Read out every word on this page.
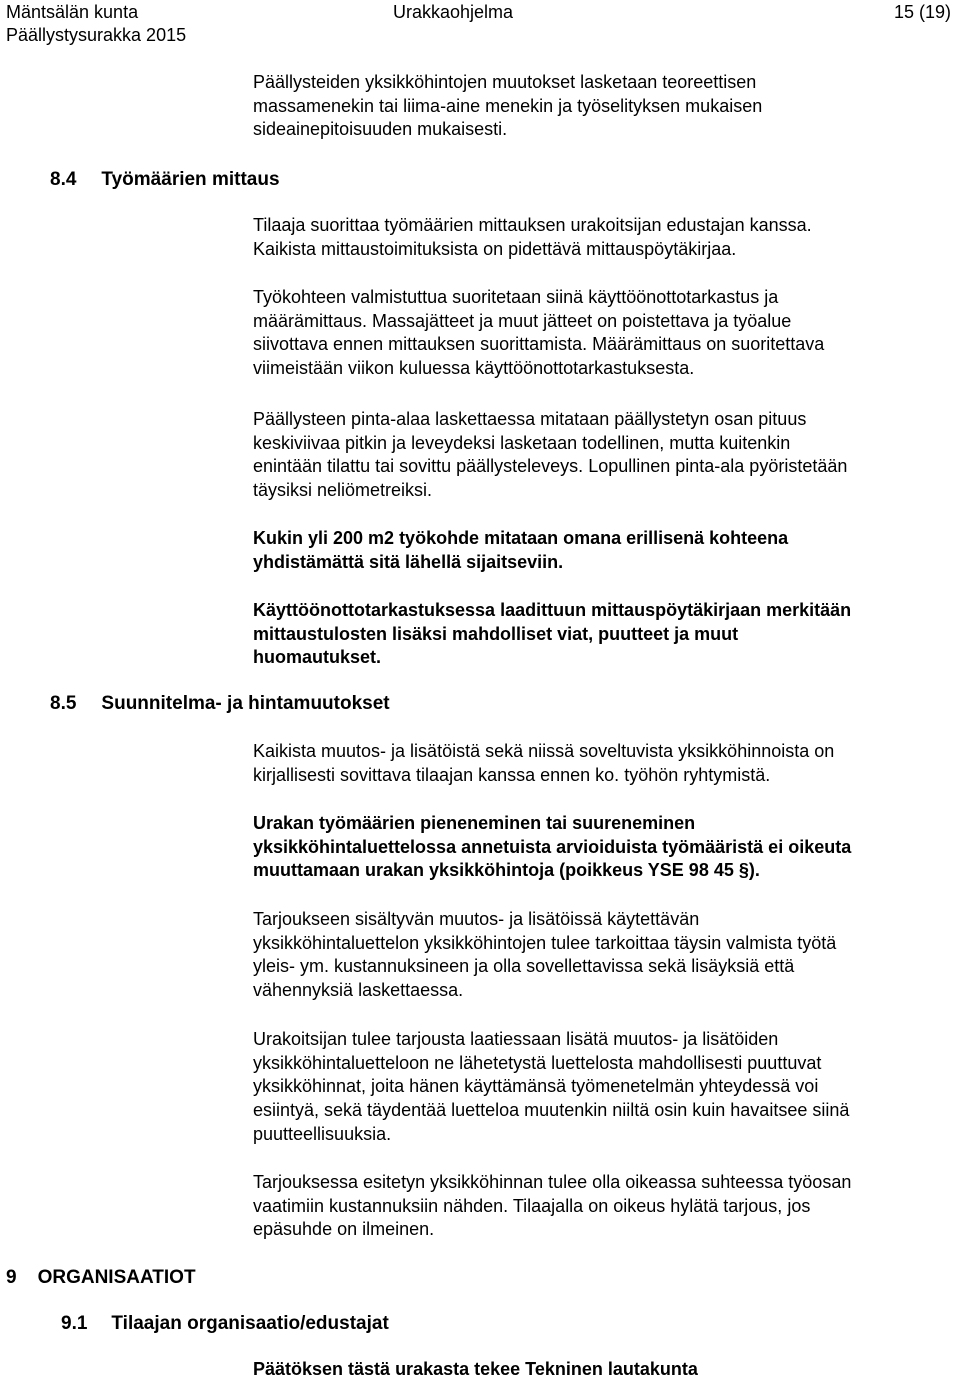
Mäntsälän kunta
Päällystysurakka 2015
Urakkaohjelma	15 (19)
8.4 Työmäärien mittaus
8.5 Suunnitelma- ja hintamuutokset
9 ORGANISAATIOT
9.1 Tilaajan organisaatio/edustajat
Päällysteiden yksikköhintojen muutokset lasketaan teoreettisen
massamenekin tai liima-aine menekin ja työselityksen mukaisen
sideainepitoisuuden mukaisesti.
Tilaaja suorittaa työmäärien mittauksen urakoitsijan edustajan kanssa.
Kaikista mittaustoimituksista on pidettävä mittauspöytäkirjaa.
Työkohteen valmistuttua suoritetaan siinä käyttöönottotarkastus ja
määrämittaus. Massajätteet ja muut jätteet on poistettava ja työalue
siivottava ennen mittauksen suorittamista. Määrämittaus on suoritettava
viimeistään viikon kuluessa käyttöönottotarkastuksesta.
Päällysteen pinta-alaa laskettaessa mitataan päällystetyn osan pituus
keskiviivaa pitkin ja leveydeksi lasketaan todellinen, mutta kuitenkin
enintään tilattu tai sovittu päällysteleveys. Lopullinen pinta-ala pyöristetään
täysiksi neliömetreiksi.
Kukin yli 200 m2 työkohde mitataan omana erillisenä kohteena
yhdistämättä sitä lähellä sijaitseviin.
Käyttöönottotarkastuksessa laadittuun mittauspöytäkirjaan merkitään
mittaustulosten lisäksi mahdolliset viat, puutteet ja muut
huomautukset.
Kaikista muutos- ja lisätöistä sekä niissä soveltuvista yksikköhinnoista on
kirjallisesti sovittava tilaajan kanssa ennen ko. työhön ryhtymistä.
Urakan työmäärien pieneneminen tai suureneminen
yksikköhintaluettelossa annetuista arvioiduista työmääristä ei oikeuta
muuttamaan urakan yksikköhintoja (poikkeus YSE 98 45 §).
Tarjoukseen sisältyvän muutos- ja lisätöissä käytettävän
yksikköhintaluettelon yksikköhintojen tulee tarkoittaa täysin valmista työtä
yleis- ym. kustannuksineen ja olla sovellettavissa sekä lisäyksiä että
vähennyksiä laskettaessa.
Urakoitsijan tulee tarjousta laatiessaan lisätä muutos- ja lisätöiden
yksikköhintaluetteloon ne lähetetystä luettelosta mahdollisesti puuttuvat
yksikköhinnat, joita hänen käyttämänsä työmenetelmän yhteydessä voi
esiintyä, sekä täydentää luetteloa muutenkin niiltä osin kuin havaitsee siinä
puutteellisuuksia.
Tarjouksessa esitetyn yksikköhinnan tulee olla oikeassa suhteessa työosan
vaatimiin kustannuksiin nähden. Tilaajalla on oikeus hylätä tarjous, jos
epäsuhde on ilmeinen.
Päätöksen tästä urakasta tekee Tekninen lautakunta
